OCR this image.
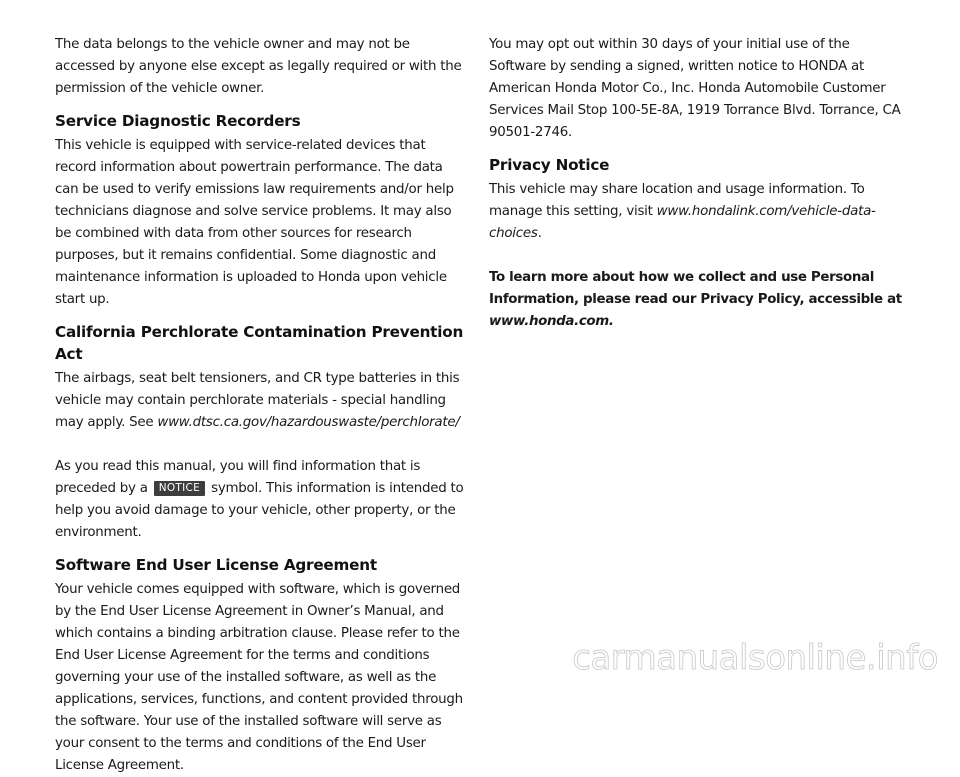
The data belongs to the vehicle owner and may not be accessed by anyone else except as legally required or with the permission of the vehicle owner.

Service Diagnostic Recorders

This vehicle is equipped with service-related devices that record information about powertrain performance. The data can be used to verify emissions law requirements and/or help technicians diagnose and solve service problems. It may also be combined with data from other sources for research purposes, but it remains confidential. Some diagnostic and maintenance information is uploaded to Honda upon vehicle start up.

California Perchlorate Contamination Prevention Act

The airbags, seat belt tensioners, and CR type batteries in this vehicle may contain perchlorate materials - special handling may apply. See www.dtsc.ca.gov/hazardouswaste/perchlorate/

As you read this manual, you will find information that is preceded by a NOTICE symbol. This information is intended to help you avoid damage to your vehicle, other property, or the environment.

Software End User License Agreement

Your vehicle comes equipped with software, which is governed by the End User License Agreement in Owner’s Manual, and which contains a binding arbitration clause. Please refer to the End User License Agreement for the terms and conditions governing your use of the installed software, as well as the applications, services, functions, and content provided through the software. Your use of the installed software will serve as your consent to the terms and conditions of the End User License Agreement.

You may opt out within 30 days of your initial use of the Software by sending a signed, written notice to HONDA at American Honda Motor Co., Inc. Honda Automobile Customer Services Mail Stop 100-5E-8A, 1919 Torrance Blvd. Torrance, CA 90501-2746.

Privacy Notice

This vehicle may share location and usage information. To manage this setting, visit www.hondalink.com/vehicle-data-choices.

To learn more about how we collect and use Personal Information, please read our Privacy Policy, accessible at www.honda.com.

carmanualsonline.info
